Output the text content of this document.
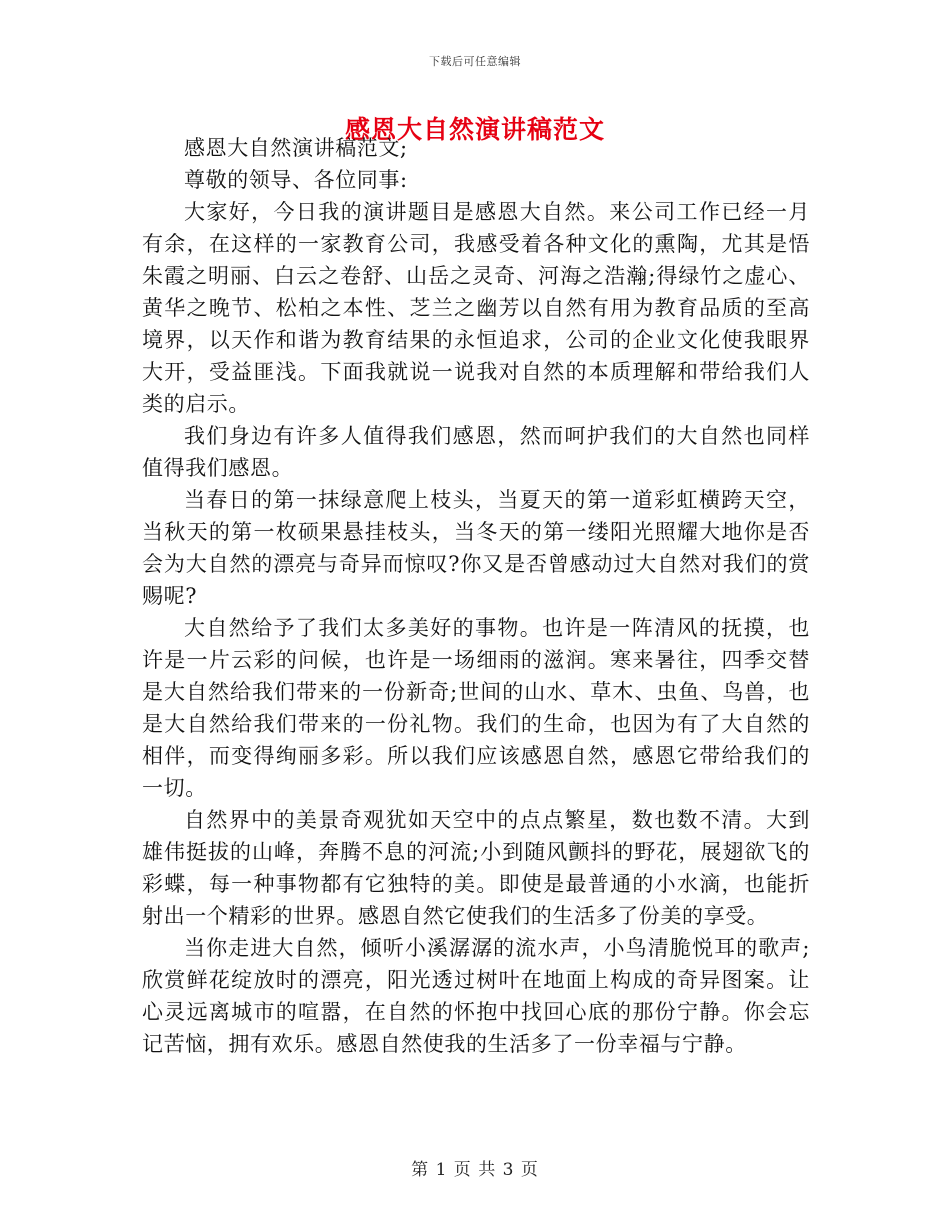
下载后可任意编辑
感恩大自然演讲稿范文

感恩大自然演讲稿范文;

尊敬的领导、各位同事:

大家好，今日我的演讲题目是感恩大自然。来公司工作已经一月有余，在这样的一家教育公司，我感受着各种文化的熏陶，尤其是悟朱霞之明丽、白云之卷舒、山岳之灵奇、河海之浩瀚;得绿竹之虚心、黄华之晚节、松柏之本性、芝兰之幽芳以自然有用为教育品质的至高境界，以天作和谐为教育结果的永恒追求，公司的企业文化使我眼界大开，受益匪浅。下面我就说一说我对自然的本质理解和带给我们人类的启示。

我们身边有许多人值得我们感恩，然而呵护我们的大自然也同样值得我们感恩。

当春日的第一抹绿意爬上枝头，当夏天的第一道彩虹横跨天空，当秋天的第一枚硕果悬挂枝头，当冬天的第一缕阳光照耀大地你是否会为大自然的漂亮与奇异而惊叹?你又是否曾感动过大自然对我们的赏赐呢?

大自然给予了我们太多美好的事物。也许是一阵清风的抚摸，也许是一片云彩的问候，也许是一场细雨的滋润。寒来暑往，四季交替是大自然给我们带来的一份新奇;世间的山水、草木、虫鱼、鸟兽，也是大自然给我们带来的一份礼物。我们的生命，也因为有了大自然的相伴，而变得绚丽多彩。所以我们应该感恩自然，感恩它带给我们的一切。

自然界中的美景奇观犹如天空中的点点繁星，数也数不清。大到雄伟挺拔的山峰，奔腾不息的河流;小到随风颤抖的野花，展翅欲飞的彩蝶，每一种事物都有它独特的美。即使是最普通的小水滴，也能折射出一个精彩的世界。感恩自然它使我们的生活多了份美的享受。

当你走进大自然，倾听小溪潺潺的流水声，小鸟清脆悦耳的歌声;欣赏鲜花绽放时的漂亮，阳光透过树叶在地面上构成的奇异图案。让心灵远离城市的喧嚣，在自然的怀抱中找回心底的那份宁静。你会忘记苦恼，拥有欢乐。感恩自然使我的生活多了一份幸福与宁静。

第 1 页 共 3 页
